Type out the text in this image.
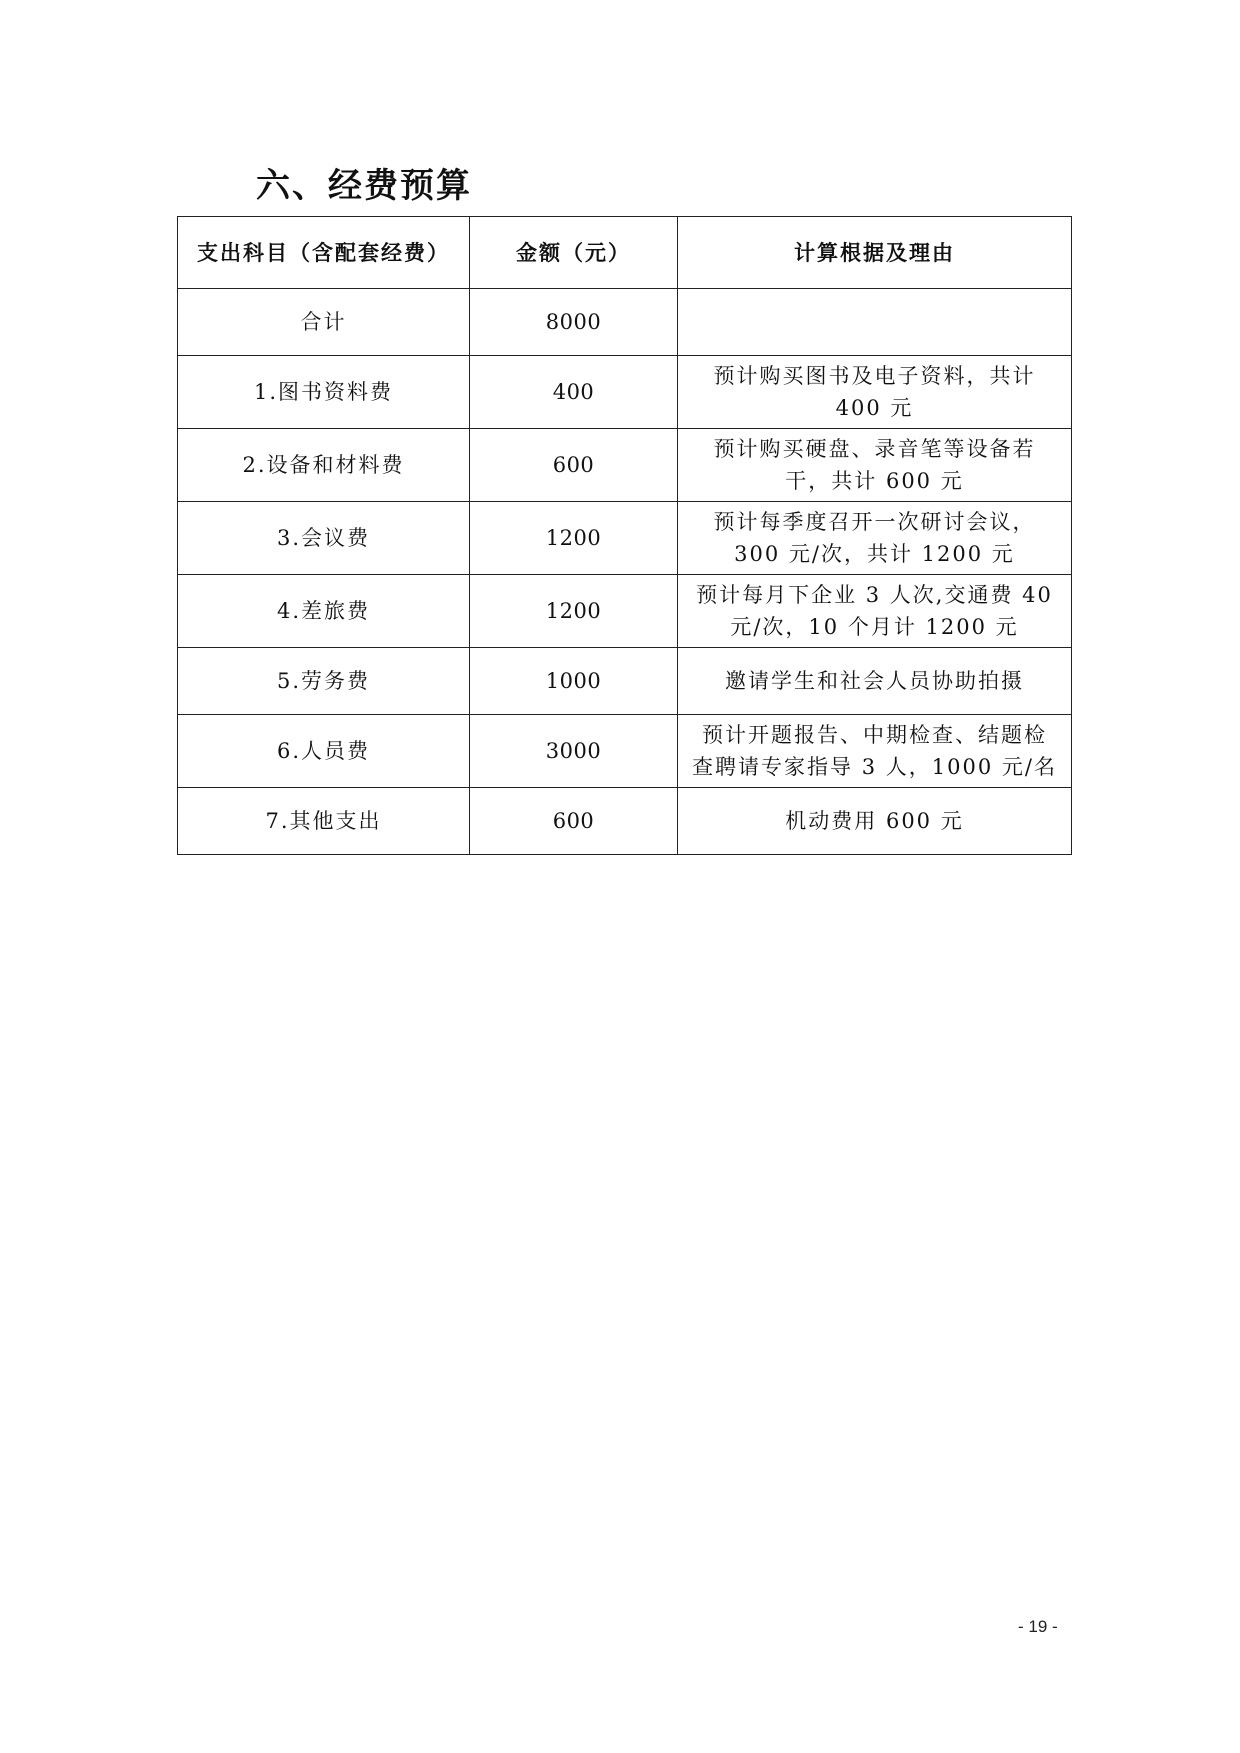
六、经费预算
支出科目（含配套经费）	金额（元）	计算根据及理由
合计	8000	
1.图书资料费	400	预计购买图书及电子资料，共计
400 元
2.设备和材料费	600	预计购买硬盘、录音笔等设备若
干，共计 600 元
3.会议费	1200	预计每季度召开一次研讨会议，
300 元/次，共计 1200 元
4.差旅费	1200	预计每月下企业 3 人次,交通费 40
元/次，10 个月计 1200 元
5.劳务费	1000	邀请学生和社会人员协助拍摄
6.人员费	3000	预计开题报告、中期检查、结题检
查聘请专家指导 3 人，1000 元/名
7.其他支出	600	机动费用 600 元
- 19 -
